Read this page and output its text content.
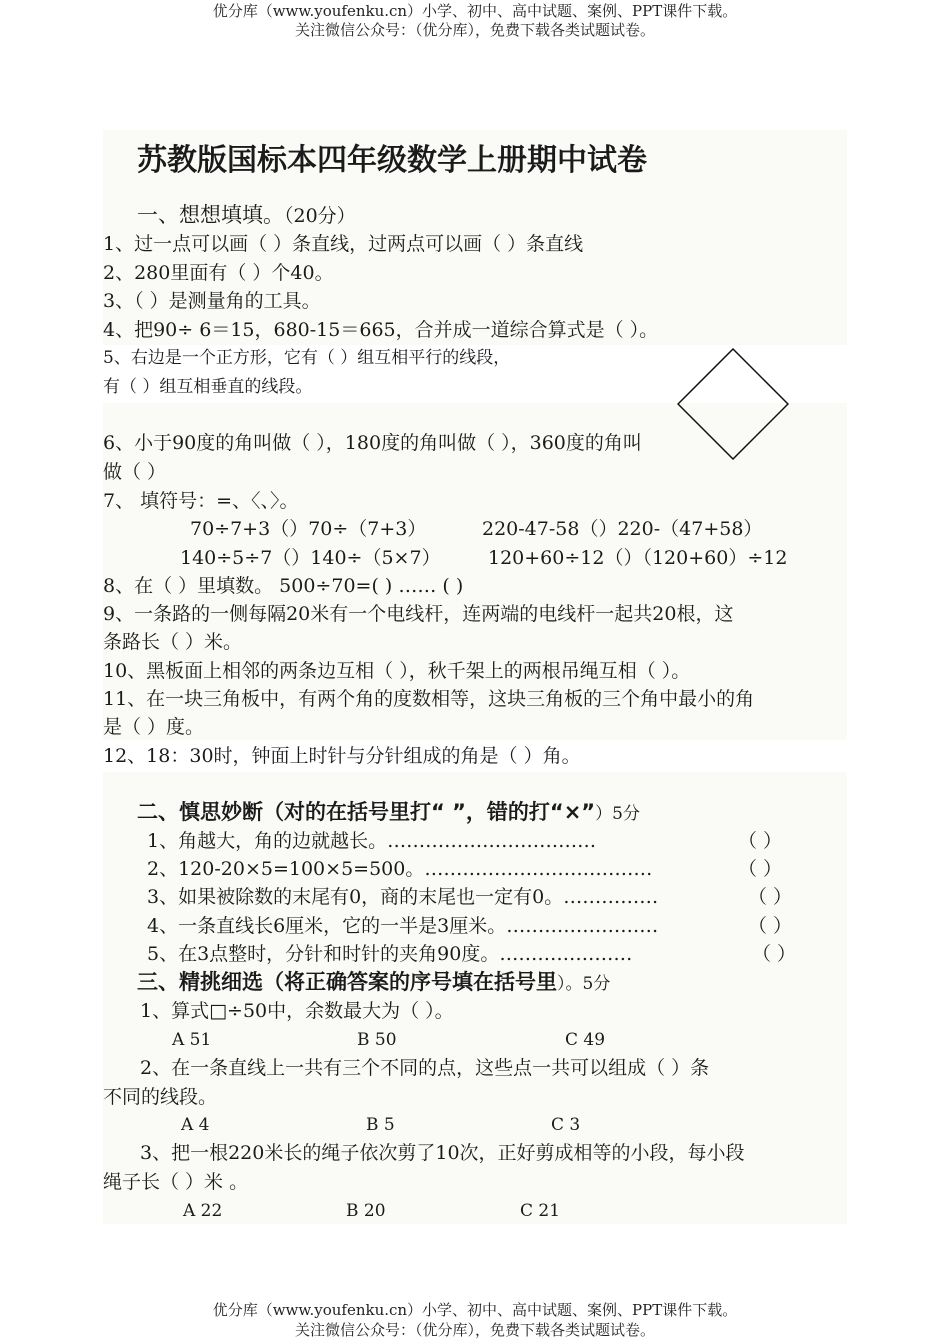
优分库（www.youfenku.cn）小学、初中、高中试题、案例、PPT课件下载。
关注微信公众号：（优分库），免费下载各类试题试卷。
苏教版国标本四年级数学上册期中试卷
一、想想填填。（20分）
1、过一点可以画（ ）条直线，过两点可以画（ ）条直线
2、280里面有（ ）个40。
3、（ ）是测量角的工具。
4、把90÷ 6＝15，680-15＝665，合并成一道综合算式是（ ）。
5、右边是一个正方形，它有（ ）组互相平行的线段，
有（ ）组互相垂直的线段。
6、小于90度的角叫做（ ），180度的角叫做（ ），360度的角叫
做（ ）
7、 填符号：=、〈、〉。
70÷7+3（）70÷（7+3）	220-47-58（）220-（47+58）
140÷5÷7（）140÷（5×7） 120+60÷12（）（120+60）÷12
8、在（ ）里填数。 500÷70=( ) …… ( )
9、一条路的一侧每隔20米有一个电线杆，连两端的电线杆一起共20根，这
条路长（ ）米。
10、黑板面上相邻的两条边互相（ ），秋千架上的两根吊绳互相（ ）。
11、在一块三角板中，有两个角的度数相等，这块三角板的三个角中最小的角
是（ ）度。
12、18：30时，钟面上时针与分针组成的角是（ ）角。
二、慎思妙断（对的在括号里打“ ”，错的打“×”）5分
1、角越大，角的边就越长。……………………………	（ ）
2、120-20×5=100×5=500。………………………………	（ ）
3、如果被除数的末尾有0，商的末尾也一定有0。……………	（ ）
4、一条直线长6厘米，它的一半是3厘米。……………………	（ ）
5、在3点整时，分针和时针的夹角90度。…………………	（ ）
三、精挑细选（将正确答案的序号填在括号里）。5分
1、算式□÷50中，余数最大为（ ）。
A 51	B 50	C 49
2、在一条直线上一共有三个不同的点，这些点一共可以组成（ ）条
不同的线段。
A 4	B 5	C 3
3、把一根220米长的绳子依次剪了10次，正好剪成相等的小段，每小段
绳子长（ ）米 。
A 22	B 20	C 21
优分库（www.youfenku.cn）小学、初中、高中试题、案例、PPT课件下载。
关注微信公众号：（优分库），免费下载各类试题试卷。
